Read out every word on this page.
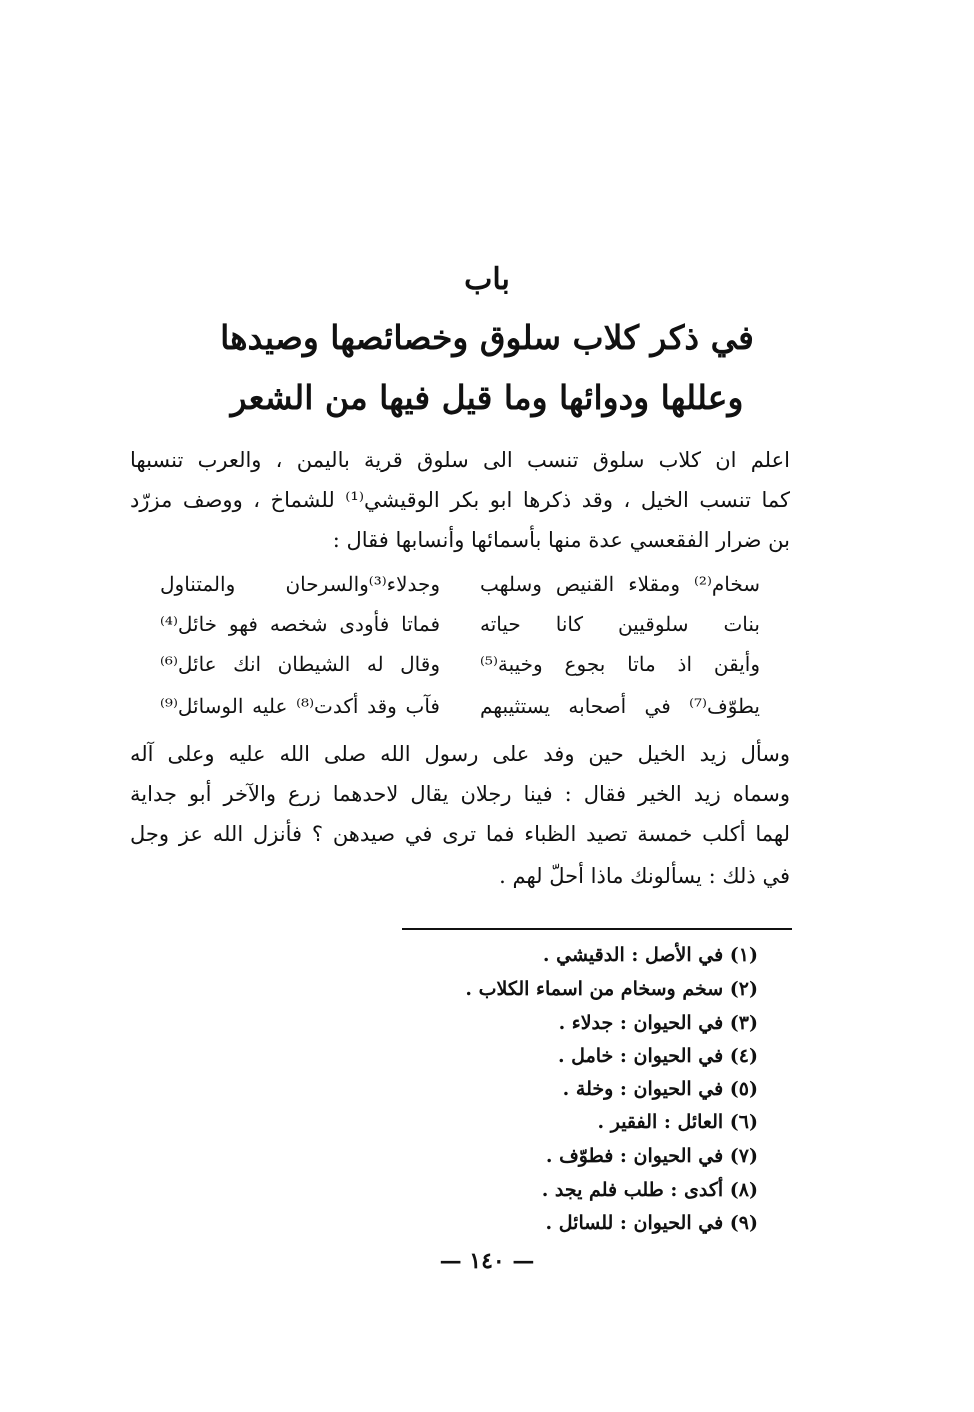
باب
في ذكر كلاب سلوق وخصائصها وصيدها
وعللها ودوائها وما قيل فيها من الشعر
اعلم ان كلاب سلوق تنسب الى سلوق قرية باليمن ، والعرب تنسبها
كما تنسب الخيل ، وقد ذكرها ابو بكر الوقيشي⁽¹⁾ للشماخ ، ووصف مزرّد
بن ضرار الفقعسي عدة منها بأسمائها وأنسابها فقال :
سخام⁽²⁾ ومقلاء القنيص وسلهب
وجدلاء⁽³⁾والسرحان والمتناول
بنات سلوقيين كانا حياته
فماتا فأودى شخصه فهو خائل⁽⁴⁾
وأيقن اذ ماتا بجوع وخيبة⁽⁵⁾
وقال له الشيطان انك عائل⁽⁶⁾
يطوّف⁽⁷⁾ في أصحابه يستثيبهم
فآب وقد أكدت⁽⁸⁾ عليه الوسائل⁽⁹⁾
وسأل زيد الخيل حين وفد على رسول الله صلى الله عليه وعلى آله
وسماه زيد الخير فقال : فينا رجلان يقال لاحدهما زرع والآخر أبو جداية
لهما أكلب خمسة تصيد الظباء فما ترى في صيدهن ؟ فأنزل الله عز وجل
في ذلك : يسألونك ماذا أحلّ لهم .
(١) في الأصل : الدقيشي .
(٢) سخم وسخام من اسماء الكلاب .
(٣) في الحيوان : جدلاء .
(٤) في الحيوان : خامل .
(٥) في الحيوان : وخلة .
(٦) العائل : الفقير .
(٧) في الحيوان : فطوّف .
(٨) أكدى : طلب فلم يجد .
(٩) في الحيوان : للسائل .
— ١٤٠ —
